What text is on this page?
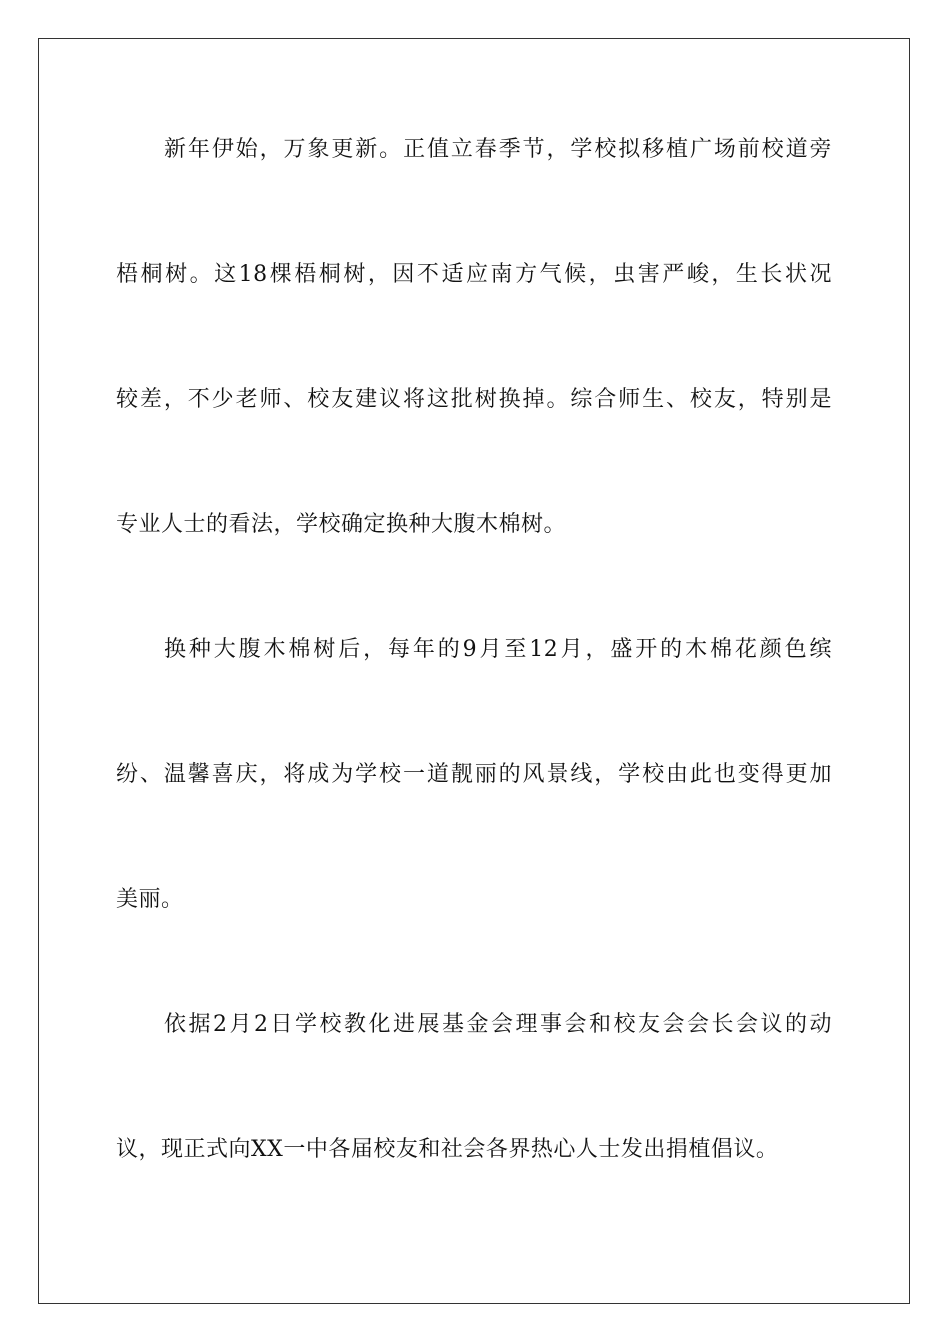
新年伊始，万象更新。正值立春季节，学校拟移植广场前校道旁
梧桐树。这18棵梧桐树，因不适应南方气候，虫害严峻，生长状况
较差，不少老师、校友建议将这批树换掉。综合师生、校友，特别是
专业人士的看法，学校确定换种大腹木棉树。
换种大腹木棉树后，每年的9月至12月，盛开的木棉花颜色缤
纷、温馨喜庆，将成为学校一道靓丽的风景线，学校由此也变得更加
美丽。
依据2月2日学校教化进展基金会理事会和校友会会长会议的动
议，现正式向XX一中各届校友和社会各界热心人士发出捐植倡议。
